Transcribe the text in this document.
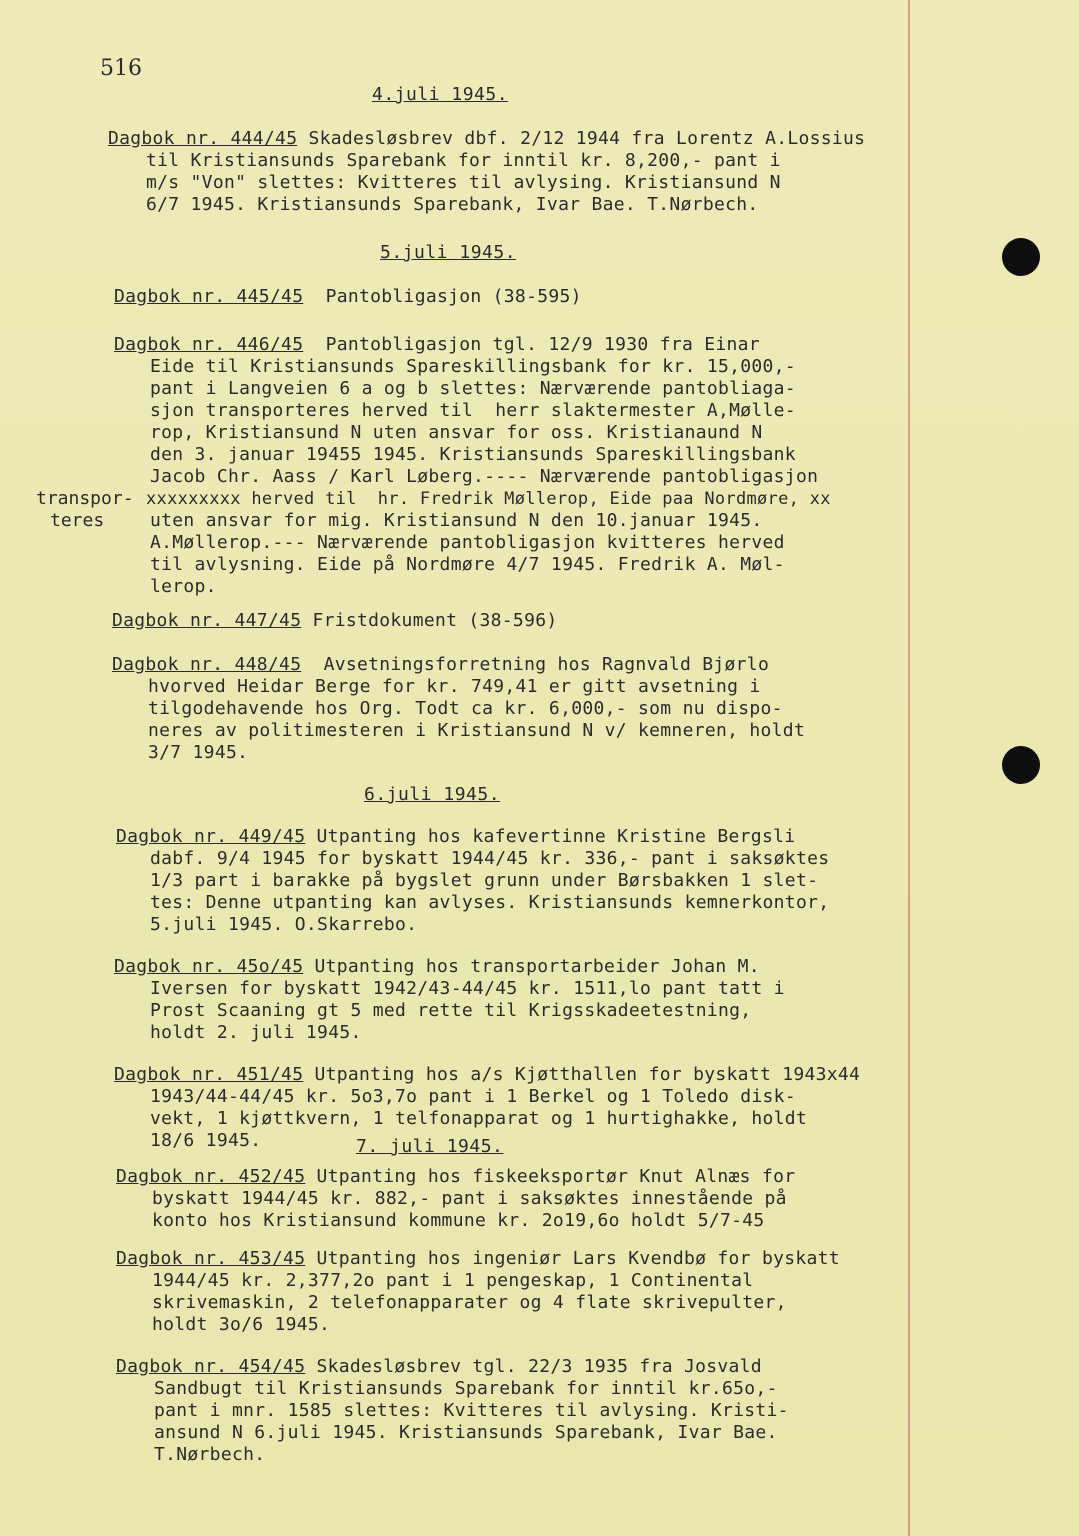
516
4.juli 1945.
Dagbok nr. 444/45 Skadesløsbrev dbf. 2/12 1944 fra Lorentz A.Lossius
til Kristiansunds Sparebank for inntil kr. 8,200,- pant i
m/s "Von" slettes: Kvitteres til avlysing. Kristiansund N
6/7 1945. Kristiansunds Sparebank, Ivar Bae. T.Nørbech.
5.juli 1945.
Dagbok nr. 445/45  Pantobligasjon (38-595)
Dagbok nr. 446/45  Pantobligasjon tgl. 12/9 1930 fra Einar
Eide til Kristiansunds Spareskillingsbank for kr. 15,000,-
pant i Langveien 6 a og b slettes: Nærværende pantobliaga-
sjon transporteres herved til  herr slaktermester A,Mølle-
rop, Kristiansund N uten ansvar for oss. Kristianaund N
den 3. januar 19455 1945. Kristiansunds Spareskillingsbank
Jacob Chr. Aass / Karl Løberg.---- Nærværende pantobligasjon
transpor- xxxxxxxxx herved til  hr. Fredrik Møllerop, Eide paa Nordmøre, xx
teres	uten ansvar for mig. Kristiansund N den 10.januar 1945.
A.Møllerop.--- Nærværende pantobligasjon kvitteres herved
til avlysning. Eide på Nordmøre 4/7 1945. Fredrik A. Møl-
lerop.
Dagbok nr. 447/45 Fristdokument (38-596)
Dagbok nr. 448/45  Avsetningsforretning hos Ragnvald Bjørlo
hvorved Heidar Berge for kr. 749,41 er gitt avsetning i
tilgodehavende hos Org. Todt ca kr. 6,000,- som nu dispo-
neres av politimesteren i Kristiansund N v/ kemneren, holdt
3/7 1945.
6.juli 1945.
Dagbok nr. 449/45 Utpanting hos kafevertinne Kristine Bergsli
dabf. 9/4 1945 for byskatt 1944/45 kr. 336,- pant i saksøktes
1/3 part i barakke på bygslet grunn under Børsbakken 1 slet-
tes: Denne utpanting kan avlyses. Kristiansunds kemnerkontor,
5.juli 1945. O.Skarrebo.
Dagbok nr. 45o/45 Utpanting hos transportarbeider Johan M.
Iversen for byskatt 1942/43-44/45 kr. 1511,lo pant tatt i
Prost Scaaning gt 5 med rette til Krigsskadeetestning,
holdt 2. juli 1945.
Dagbok nr. 451/45 Utpanting hos a/s Kjøtthallen for byskatt 1943x44
1943/44-44/45 kr. 5o3,7o pant i 1 Berkel og 1 Toledo disk-
vekt, 1 kjøttkvern, 1 telfonapparat og 1 hurtighakke, holdt
18/6 1945.	7. juli 1945.
Dagbok nr. 452/45 Utpanting hos fiskeeksportør Knut Alnæs for
byskatt 1944/45 kr. 882,- pant i saksøktes innestående på
konto hos Kristiansund kommune kr. 2o19,6o holdt 5/7-45
Dagbok nr. 453/45 Utpanting hos ingeniør Lars Kvendbø for byskatt
1944/45 kr. 2,377,2o pant i 1 pengeskap, 1 Continental
skrivemaskin, 2 telefonapparater og 4 flate skrivepulter,
holdt 3o/6 1945.
Dagbok nr. 454/45 Skadesløsbrev tgl. 22/3 1935 fra Josvald
Sandbugt til Kristiansunds Sparebank for inntil kr.65o,-
pant i mnr. 1585 slettes: Kvitteres til avlysing. Kristi-
ansund N 6.juli 1945. Kristiansunds Sparebank, Ivar Bae.
T.Nørbech.
